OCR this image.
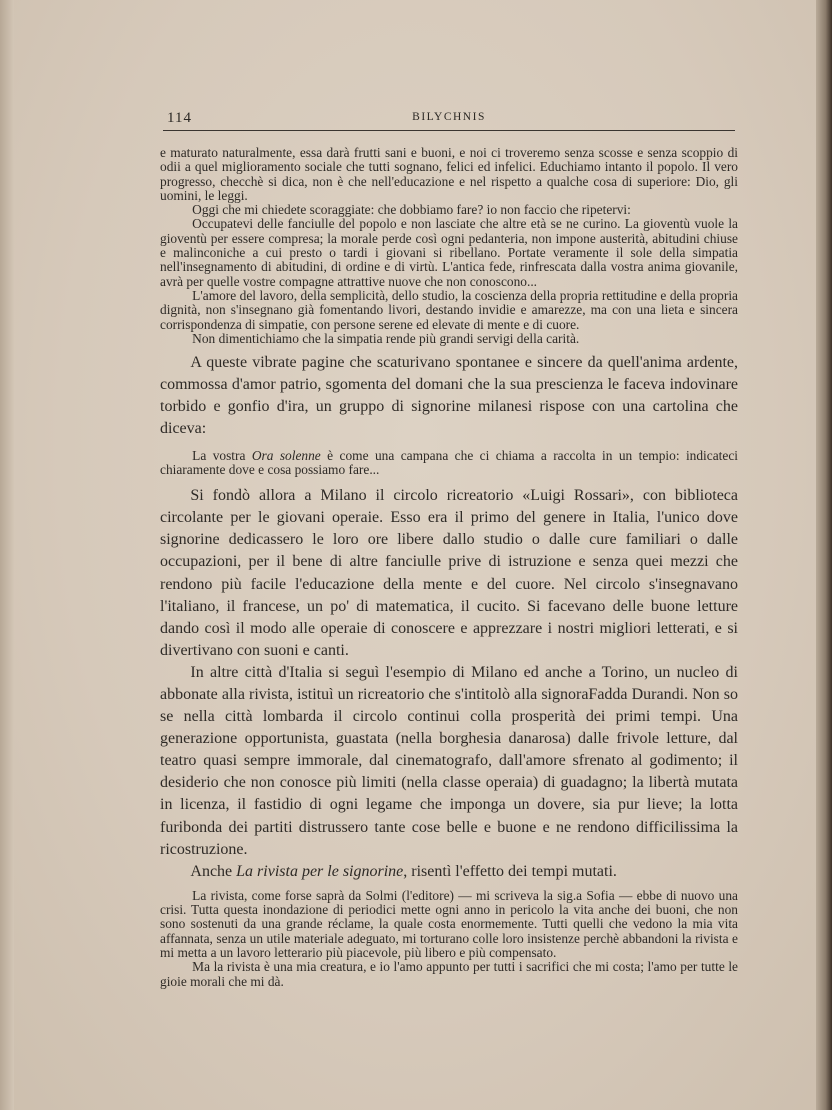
114	BILYCHNIS

e maturato naturalmente, essa darà frutti sani e buoni, e noi ci troveremo senza scosse e senza scoppio di odii a quel miglioramento sociale che tutti sognano, felici ed infelici. Educhiamo intanto il popolo. Il vero progresso, checchè si dica, non è che nell'educazione e nel rispetto a qualche cosa di superiore: Dio, gli uomini, le leggi.
Oggi che mi chiedete scoraggiate: che dobbiamo fare? io non faccio che ripetervi:
Occupatevi delle fanciulle del popolo e non lasciate che altre età se ne curino. La gioventù vuole la gioventù per essere compresa; la morale perde così ogni pedanteria, non impone austerità, abitudini chiuse e malinconiche a cui presto o tardi i giovani si ribellano. Portate veramente il sole della simpatia nell'insegnamento di abitudini, di ordine e di virtù. L'antica fede, rinfrescata dalla vostra anima giovanile, avrà per quelle vostre compagne attrattive nuove che non conoscono...
L'amore del lavoro, della semplicità, dello studio, la coscienza della propria rettitudine e della propria dignità, non s'insegnano già fomentando livori, destando invidie e amarezze, ma con una lieta e sincera corrispondenza di simpatie, con persone serene ed elevate di mente e di cuore.
Non dimentichiamo che la simpatia rende più grandi servigi della carità.

A queste vibrate pagine che scaturivano spontanee e sincere da quell'anima ardente, commossa d'amor patrio, sgomenta del domani che la sua prescienza le faceva indovinare torbido e gonfio d'ira, un gruppo di signorine milanesi rispose con una cartolina che diceva:

La vostra Ora solenne è come una campana che ci chiama a raccolta in un tempio: indicateci chiaramente dove e cosa possiamo fare...

Si fondò allora a Milano il circolo ricreatorio «Luigi Rossari», con biblioteca circolante per le giovani operaie. Esso era il primo del genere in Italia, l'unico dove signorine dedicassero le loro ore libere dallo studio o dalle cure familiari o dalle occupazioni, per il bene di altre fanciulle prive di istruzione e senza quei mezzi che rendono più facile l'educazione della mente e del cuore. Nel circolo s'insegnavano l'italiano, il francese, un po' di matematica, il cucito. Si facevano delle buone letture dando così il modo alle operaie di conoscere e apprezzare i nostri migliori letterati, e si divertivano con suoni e canti.

In altre città d'Italia si seguì l'esempio di Milano ed anche a Torino, un nucleo di abbonate alla rivista, istituì un ricreatorio che s'intitolò alla signoraFadda Durandi. Non so se nella città lombarda il circolo continui colla prosperità dei primi tempi. Una generazione opportunista, guastata (nella borghesia danarosa) dalle frivole letture, dal teatro quasi sempre immorale, dal cinematografo, dall'amore sfrenato al godimento; il desiderio che non conosce più limiti (nella classe operaia) di guadagno; la libertà mutata in licenza, il fastidio di ogni legame che imponga un dovere, sia pur lieve; la lotta furibonda dei partiti distrussero tante cose belle e buone e ne rendono difficilissima la ricostruzione.

Anche La rivista per le signorine, risentì l'effetto dei tempi mutati.

La rivista, come forse saprà da Solmi (l'editore) — mi scriveva la sig.a Sofia — ebbe di nuovo una crisi. Tutta questa inondazione di periodici mette ogni anno in pericolo la vita anche dei buoni, che non sono sostenuti da una grande réclame, la quale costa enormemente. Tutti quelli che vedono la mia vita affannata, senza un utile materiale adeguato, mi torturano colle loro insistenze perchè abbandoni la rivista e mi metta a un lavoro letterario più piacevole, più libero e più compensato.
Ma la rivista è una mia creatura, e io l'amo appunto per tutti i sacrifici che mi costa; l'amo per tutte le gioie morali che mi dà.
